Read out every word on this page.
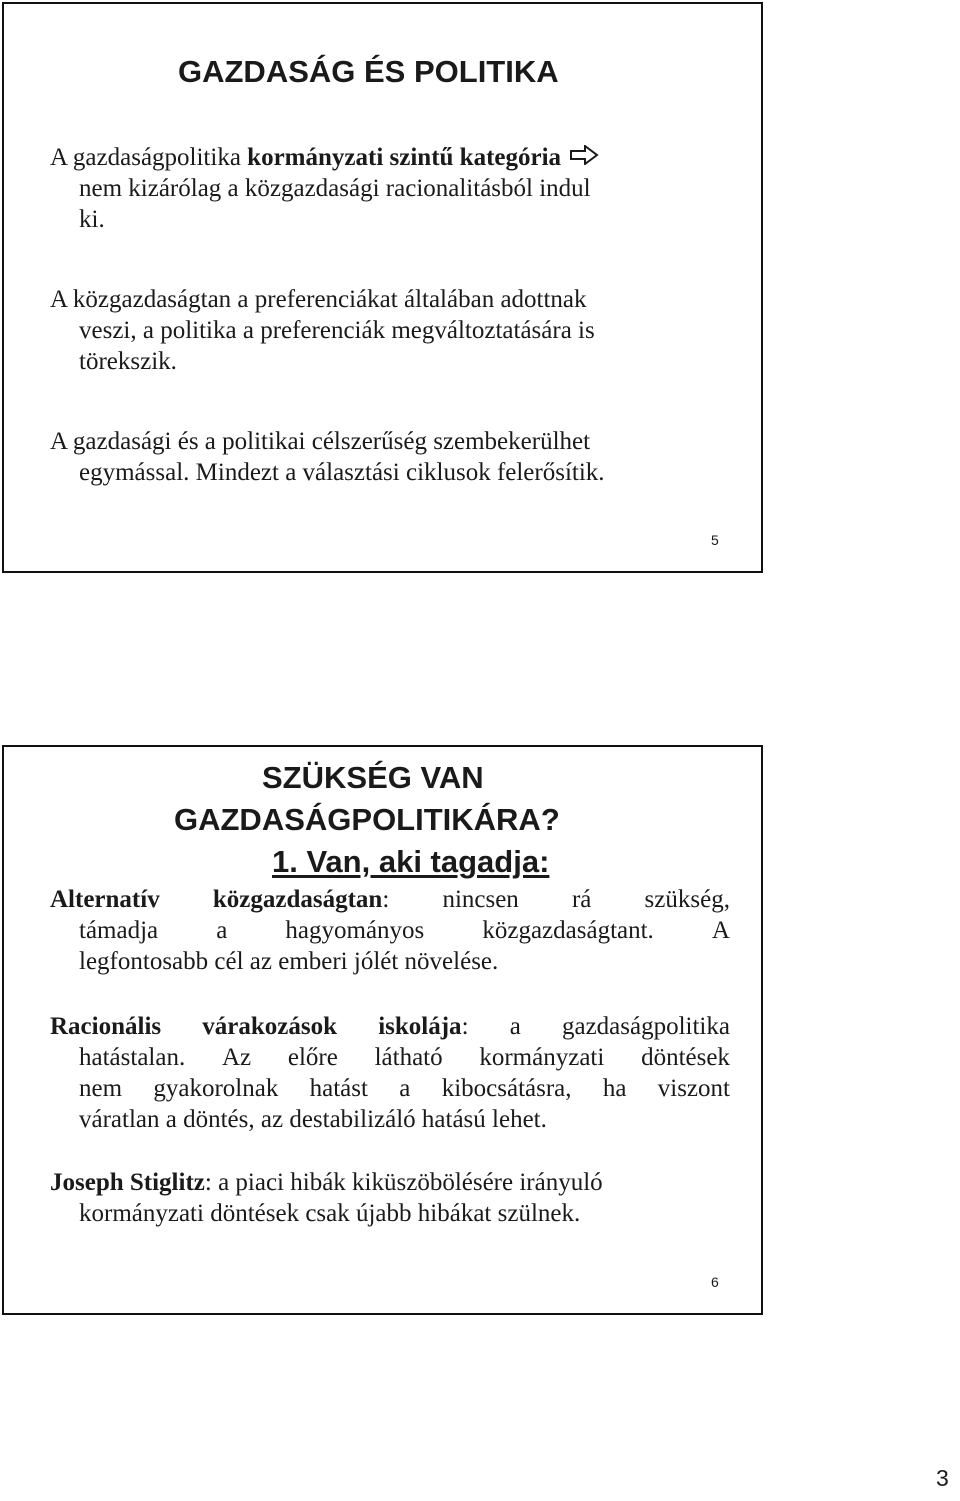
GAZDASÁG ÉS POLITIKA

A gazdaságpolitika kormányzati szintű kategória
nem kizárólag a közgazdasági racionalitásból indul
ki.

A közgazdaságtan a preferenciákat általában adottnak
veszi, a politika a preferenciák megváltoztatására is
törekszik.

A gazdasági és a politikai célszerűség szembekerülhet
egymással. Mindezt a választási ciklusok felerősítik.

5
SZÜKSÉG VAN
GAZDASÁGPOLITIKÁRA?
1. Van, aki tagadja:
Alternatív közgazdaságtan: nincsen rá szükség,
támadja a hagyományos közgazdaságtant. A
legfontosabb cél az emberi jólét növelése.
Racionális várakozások iskolája: a gazdaságpolitika
hatástalan. Az előre látható kormányzati döntések
nem gyakorolnak hatást a kibocsátásra, ha viszont
váratlan a döntés, az destabilizáló hatású lehet.

Joseph Stiglitz: a piaci hibák kiküszöbölésére irányuló
kormányzati döntések csak újabb hibákat szülnek.

6
3
